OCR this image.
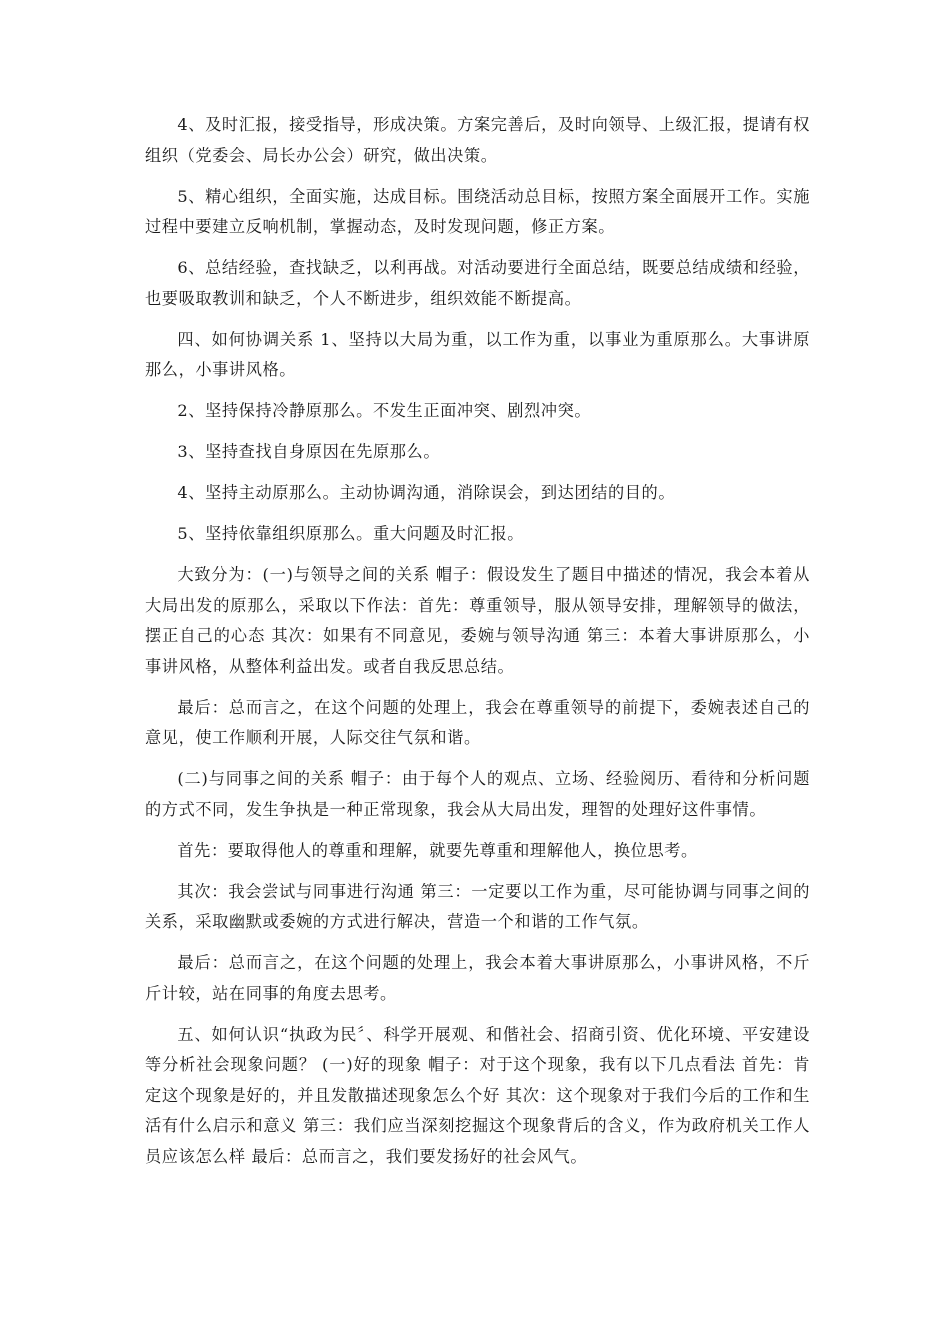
4、及时汇报，接受指导，形成决策。方案完善后，及时向领导、上级汇报，提请有权组织（党委会、局长办公会）研究，做出决策。

5、精心组织，全面实施，达成目标。围绕活动总目标，按照方案全面展开工作。实施过程中要建立反响机制，掌握动态，及时发现问题，修正方案。

6、总结经验，查找缺乏，以利再战。对活动要进行全面总结，既要总结成绩和经验，也要吸取教训和缺乏，个人不断进步，组织效能不断提高。

四、如何协调关系 1、坚持以大局为重，以工作为重，以事业为重原那么。大事讲原那么，小事讲风格。

2、坚持保持冷静原那么。不发生正面冲突、剧烈冲突。

3、坚持查找自身原因在先原那么。

4、坚持主动原那么。主动协调沟通，消除误会，到达团结的目的。

5、坚持依靠组织原那么。重大问题及时汇报。

大致分为：(一)与领导之间的关系 帽子：假设发生了题目中描述的情况，我会本着从大局出发的原那么，采取以下作法：首先：尊重领导，服从领导安排，理解领导的做法，摆正自己的心态 其次：如果有不同意见，委婉与领导沟通 第三：本着大事讲原那么，小事讲风格，从整体利益出发。或者自我反思总结。

最后：总而言之，在这个问题的处理上，我会在尊重领导的前提下，委婉表述自己的意见，使工作顺利开展，人际交往气氛和谐。

(二)与同事之间的关系 帽子：由于每个人的观点、立场、经验阅历、看待和分析问题的方式不同，发生争执是一种正常现象，我会从大局出发，理智的处理好这件事情。

首先：要取得他人的尊重和理解，就要先尊重和理解他人，换位思考。

其次：我会尝试与同事进行沟通 第三：一定要以工作为重，尽可能协调与同事之间的关系，采取幽默或委婉的方式进行解决，营造一个和谐的工作气氛。

最后：总而言之，在这个问题的处理上，我会本着大事讲原那么，小事讲风格，不斤斤计较，站在同事的角度去思考。

五、如何认识“执政为民〞、科学开展观、和偕社会、招商引资、优化环境、平安建设等分析社会现象问题？ (一)好的现象 帽子：对于这个现象，我有以下几点看法 首先：肯定这个现象是好的，并且发散描述现象怎么个好 其次：这个现象对于我们今后的工作和生活有什么启示和意义 第三：我们应当深刻挖掘这个现象背后的含义，作为政府机关工作人员应该怎么样 最后：总而言之，我们要发扬好的社会风气。
